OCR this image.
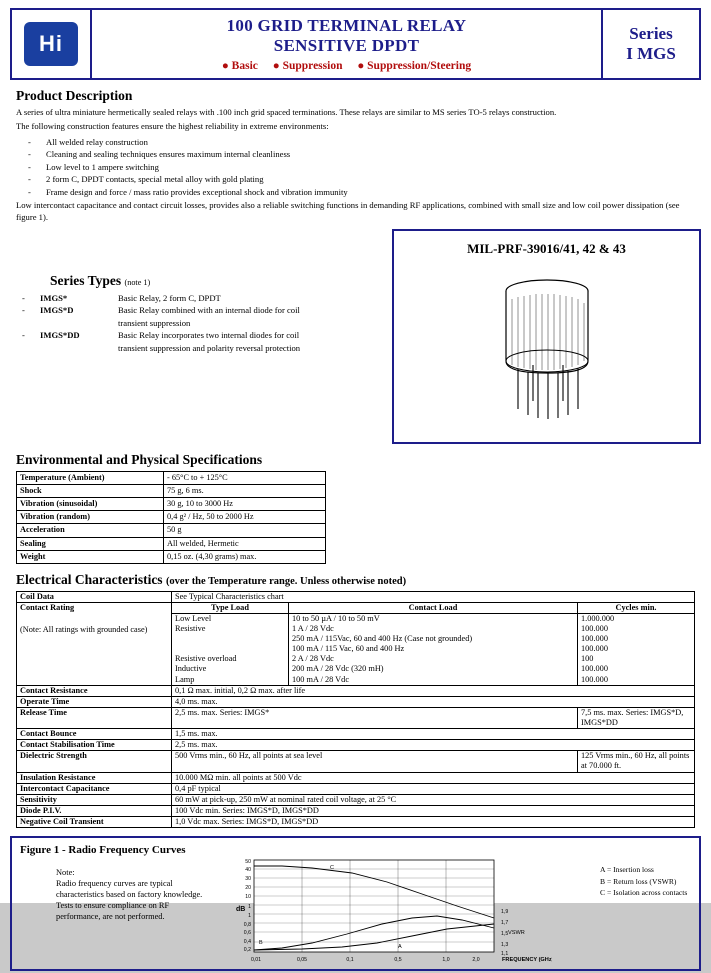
Hi
100 GRID TERMINAL RELAY
SENSITIVE DPDT
● Basic ● Suppression ● Suppression/Steering
Series
I MGS
Product Description

A series of ultra miniature hermetically sealed relays with .100 inch grid spaced terminations. These relays are similar to MS series TO-5 relays construction.

The following construction features ensure the highest reliability in extreme environments:

- All welded relay construction
- Cleaning and sealing techniques ensures maximum internal cleanliness
- Low level to 1 ampere switching
- 2 form C, DPDT contacts, special metal alloy with gold plating
- Frame design and force / mass ratio provides exceptional shock and vibration immunity

Low intercontact capacitance and contact circuit losses, provides also a reliable switching functions in demanding RF applications, combined with small size and low coil power dissipation (see figure 1).

Series Types (note 1)
- IMGS*	Basic Relay, 2 form C, DPDT
- IMGS*D	Basic Relay combined with an internal diode for coil
transient suppression
- IMGS*DD	Basic Relay incorporates two internal diodes for coil
transient suppression and polarity reversal protection
MIL-PRF-39016/41, 42 & 43
Environmental and Physical Specifications
Temperature (Ambient)	- 65°C to + 125°C
Shock	75 g, 6 ms.
Vibration (sinusoidal)	30 g, 10 to 3000 Hz
Vibration (random)	0,4 g² / Hz, 50 to 2000 Hz
Acceleration	50 g
Sealing	All welded, Hermetic
Weight	0,15 oz. (4,30 grams) max.
Electrical Characteristics (over the Temperature range. Unless otherwise noted)
Coil Data	See Typical Characteristics chart		

Contact Rating
(Note: All ratings with grounded case)	Type Load	Contact Load	Cycles min.
	Low Level	10 to 50 µA / 10 to 50 mV	1.000.000
	Resistive	1 A / 28 Vdc	100.000
		250 mA / 115Vac, 60 and 400 Hz (Case not grounded)	100.000
		100 mA / 115 Vac, 60 and 400 Hz	100.000
	Resistive overload	2 A / 28 Vdc	100
	Inductive	200 mA / 28 Vdc (320 mH)	100.000
	Lamp	100 mA / 28 Vdc	100.000
Contact Resistance	0,1 Ω max. initial, 0,2 Ω max. after life		
Operate Time	4,0 ms. max.		
Release Time	2,5 ms. max. Series: IMGS*		7,5 ms. max. Series: IMGS*D, IMGS*DD
Contact Bounce	1,5 ms. max.		
Contact Stabilisation Time	2,5 ms. max.		
Dielectric Strength	500 Vrms min., 60 Hz, all points at sea level		125 Vrms min., 60 Hz, all points at 70.000 ft.
Insulation Resistance	10.000 MΩ min. all points at 500 Vdc		
Intercontact Capacitance	0,4 pF typical		
Sensitivity	60 mW at pick-up, 250 mW at nominal rated coil voltage, at 25 °C		
Diode P.I.V.	100 Vdc min. Series: IMGS*D, IMGS*DD		
Negative Coil Transient	1,0 Vdc max. Series: IMGS*D, IMGS*DD		
Figure 1 - Radio Frequency Curves
Note:
Radio frequency curves are typical characteristics based on factory knowledge. Tests to ensure compliance on RF performance, are not performed.
A = Insertion loss
B = Return loss (VSWR)
C = Isolation across contacts
50
40
30
20
10
1
1
0,8
0,6
0,4
0,2
dB	1,9
1,7
1,5
1,3
1,1
VSWR
C
A
B
0,01	0,05	0,1	0,5	1,0	2,0	FREQUENCY (GHz)
